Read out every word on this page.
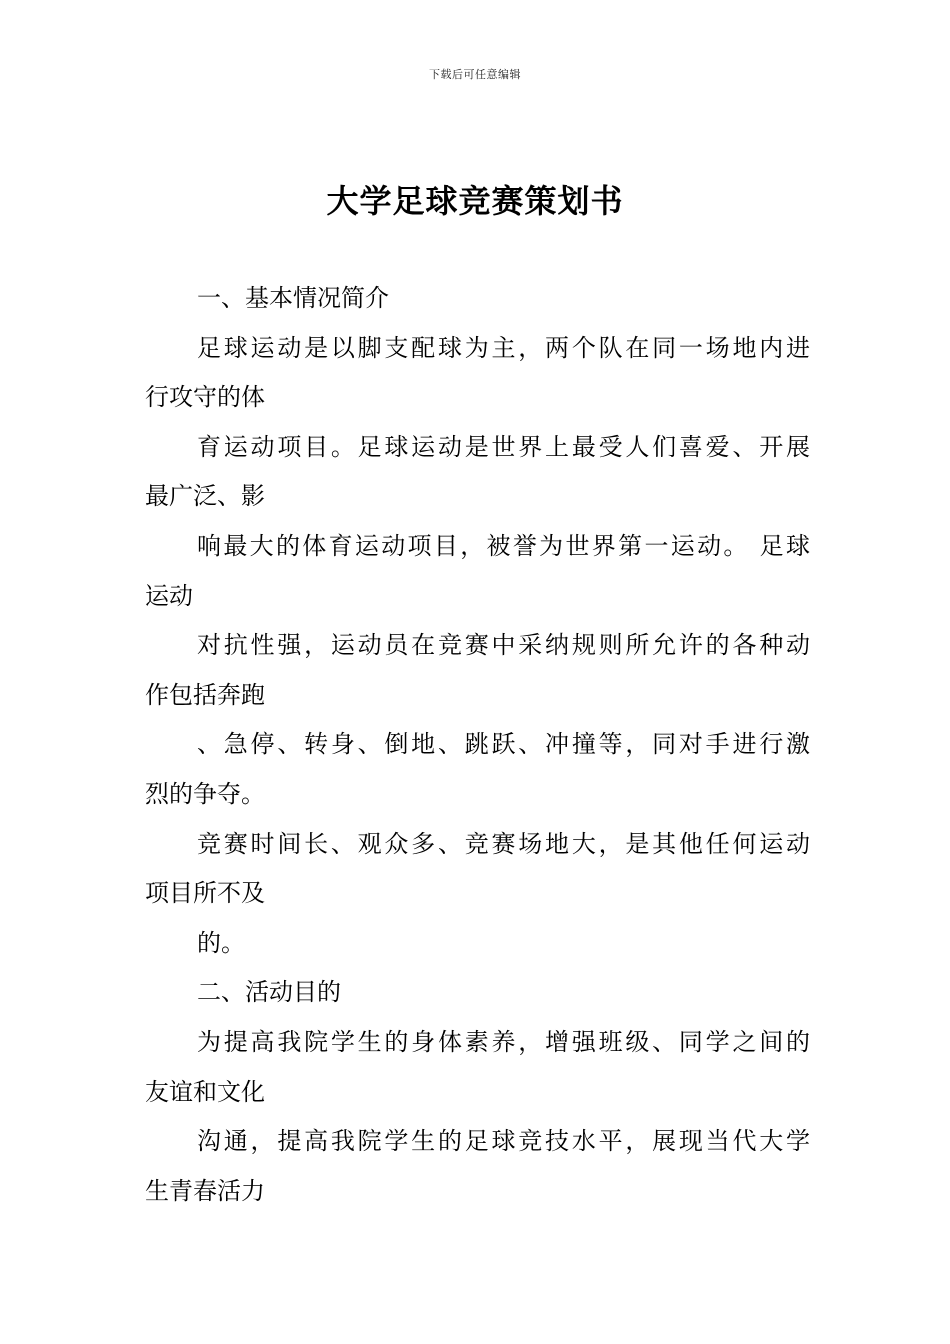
下载后可任意编辑
大学足球竞赛策划书
一、基本情况简介
足球运动是以脚支配球为主，两个队在同一场地内进
行攻守的体
育运动项目。足球运动是世界上最受人们喜爱、开展
最广泛、影
响最大的体育运动项目，被誉为世界第一运动。 足球
运动
对抗性强，运动员在竞赛中采纳规则所允许的各种动
作包括奔跑
、急停、转身、倒地、跳跃、冲撞等，同对手进行激
烈的争夺。
竞赛时间长、观众多、竞赛场地大，是其他任何运动
项目所不及
的。
二、活动目的
为提高我院学生的身体素养，增强班级、同学之间的
友谊和文化
沟通，提高我院学生的足球竞技水平，展现当代大学
生青春活力
